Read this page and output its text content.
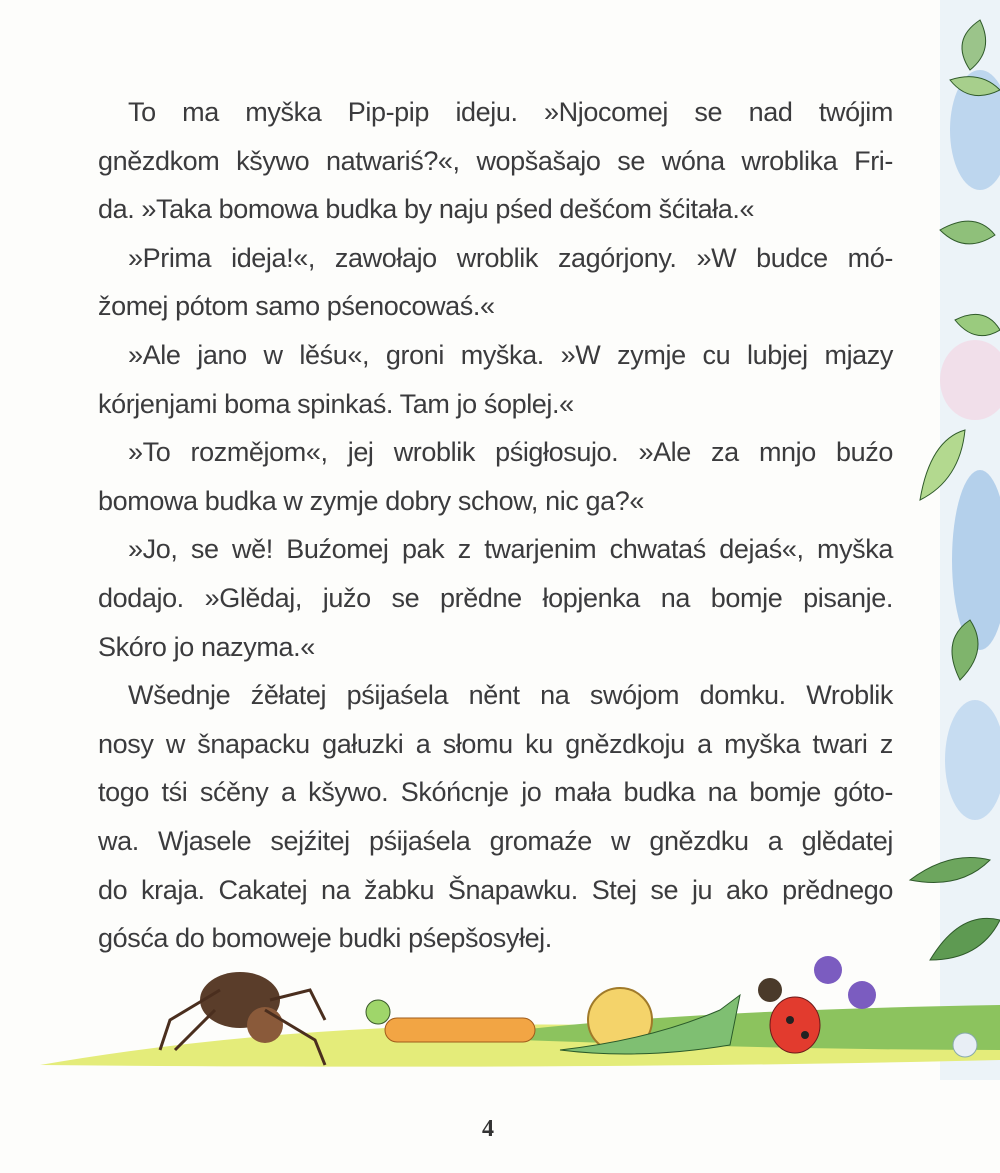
To ma myška Pip-pip ideju. »Njocomej se nad twójim
gnězdkom kšywo natwariś?«, wopšašajo se wóna wroblika Fri-
da. »Taka bomowa budka by naju pśed dešćom šćitała.«
»Prima ideja!«, zawołajo wroblik zagórjony. »W budce mó-
žomej pótom samo pśenocowaś.«
»Ale jano w lěśu«, groni myška. »W zymje cu lubjej mjazy
kórjenjami boma spinkaś. Tam jo śoplej.«
»To rozměјom«, jej wroblik pśigłosujo. »Ale za mnjo buźo
bomowa budka w zymje dobry schow, nic ga?«
»Jo, se wě! Buźomej pak z twarjenim chwataś dejaś«, myška
dodajo. »Glědaj, južo se prědne łopjenka na bomje pisanje.
Skóro jo nazyma.«
Wšednje źěłatej pśijaśela něnt na swójom domku. Wroblik
nosy w šnapacku gałuzki a słomu ku gnězdkoju a myška twari z
togo tśi sćěny a kšywo. Skóńcnje jo mała budka na bomje góto-
wa. Wjasele sejźitej pśijaśela gromaźe w gnězdku a glědatej
do kraja. Cakatej na žabku Šnapawku. Stej se ju ako prědnego
gósća do bomoweje budki pśepšosyłej.
4
